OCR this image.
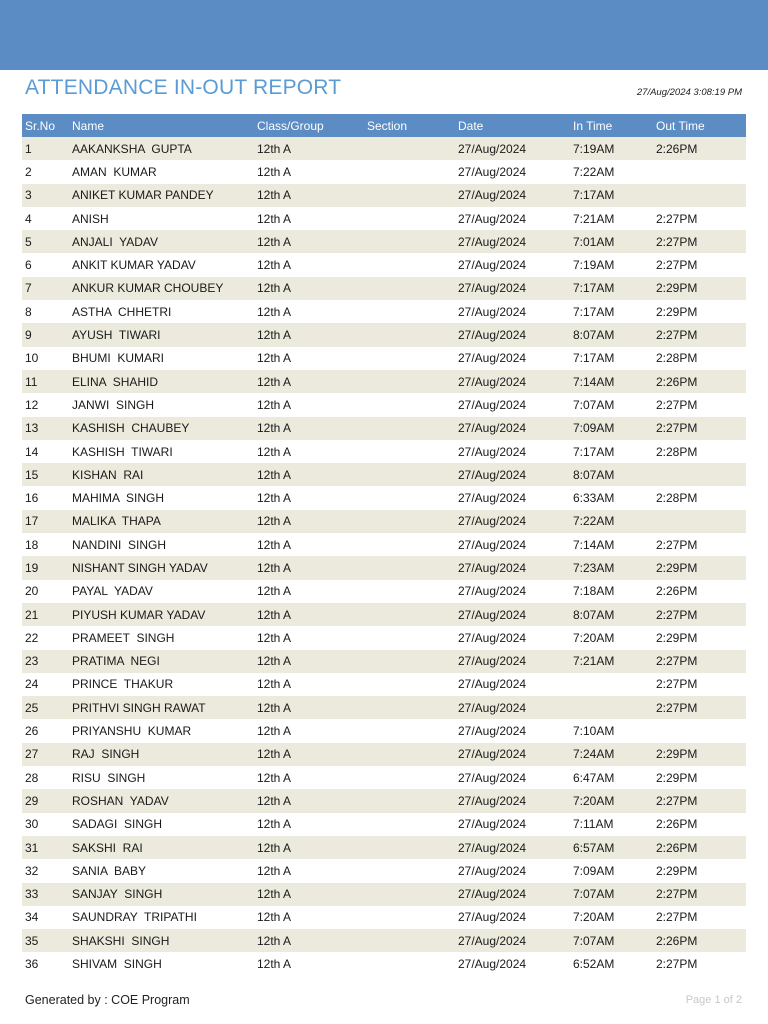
ATTENDANCE IN-OUT REPORT	27/Aug/2024 3:08:19 PM
Sr.No	Name	Class/Group	Section	Date	In Time	Out Time
1	AAKANKSHA  GUPTA	12th A		27/Aug/2024	7:19AM	2:26PM
2	AMAN  KUMAR	12th A		27/Aug/2024	7:22AM	
3	ANIKET KUMAR PANDEY	12th A		27/Aug/2024	7:17AM	
4	ANISH	12th A		27/Aug/2024	7:21AM	2:27PM
5	ANJALI  YADAV	12th A		27/Aug/2024	7:01AM	2:27PM
6	ANKIT KUMAR YADAV	12th A		27/Aug/2024	7:19AM	2:27PM
7	ANKUR KUMAR CHOUBEY	12th A		27/Aug/2024	7:17AM	2:29PM
8	ASTHA  CHHETRI	12th A		27/Aug/2024	7:17AM	2:29PM
9	AYUSH  TIWARI	12th A		27/Aug/2024	8:07AM	2:27PM
10	BHUMI  KUMARI	12th A		27/Aug/2024	7:17AM	2:28PM
11	ELINA  SHAHID	12th A		27/Aug/2024	7:14AM	2:26PM
12	JANWI  SINGH	12th A		27/Aug/2024	7:07AM	2:27PM
13	KASHISH  CHAUBEY	12th A		27/Aug/2024	7:09AM	2:27PM
14	KASHISH  TIWARI	12th A		27/Aug/2024	7:17AM	2:28PM
15	KISHAN  RAI	12th A		27/Aug/2024	8:07AM	
16	MAHIMA  SINGH	12th A		27/Aug/2024	6:33AM	2:28PM
17	MALIKA  THAPA	12th A		27/Aug/2024	7:22AM	
18	NANDINI  SINGH	12th A		27/Aug/2024	7:14AM	2:27PM
19	NISHANT SINGH YADAV	12th A		27/Aug/2024	7:23AM	2:29PM
20	PAYAL  YADAV	12th A		27/Aug/2024	7:18AM	2:26PM
21	PIYUSH KUMAR YADAV	12th A		27/Aug/2024	8:07AM	2:27PM
22	PRAMEET  SINGH	12th A		27/Aug/2024	7:20AM	2:29PM
23	PRATIMA  NEGI	12th A		27/Aug/2024	7:21AM	2:27PM
24	PRINCE  THAKUR	12th A		27/Aug/2024		2:27PM
25	PRITHVI SINGH RAWAT	12th A		27/Aug/2024		2:27PM
26	PRIYANSHU  KUMAR	12th A		27/Aug/2024	7:10AM	
27	RAJ  SINGH	12th A		27/Aug/2024	7:24AM	2:29PM
28	RISU  SINGH	12th A		27/Aug/2024	6:47AM	2:29PM
29	ROSHAN  YADAV	12th A		27/Aug/2024	7:20AM	2:27PM
30	SADAGI  SINGH	12th A		27/Aug/2024	7:11AM	2:26PM
31	SAKSHI  RAI	12th A		27/Aug/2024	6:57AM	2:26PM
32	SANIA  BABY	12th A		27/Aug/2024	7:09AM	2:29PM
33	SANJAY  SINGH	12th A		27/Aug/2024	7:07AM	2:27PM
34	SAUNDRAY  TRIPATHI	12th A		27/Aug/2024	7:20AM	2:27PM
35	SHAKSHI  SINGH	12th A		27/Aug/2024	7:07AM	2:26PM
36	SHIVAM  SINGH	12th A		27/Aug/2024	6:52AM	2:27PM
Generated by : COE Program	Page 1 of 2
